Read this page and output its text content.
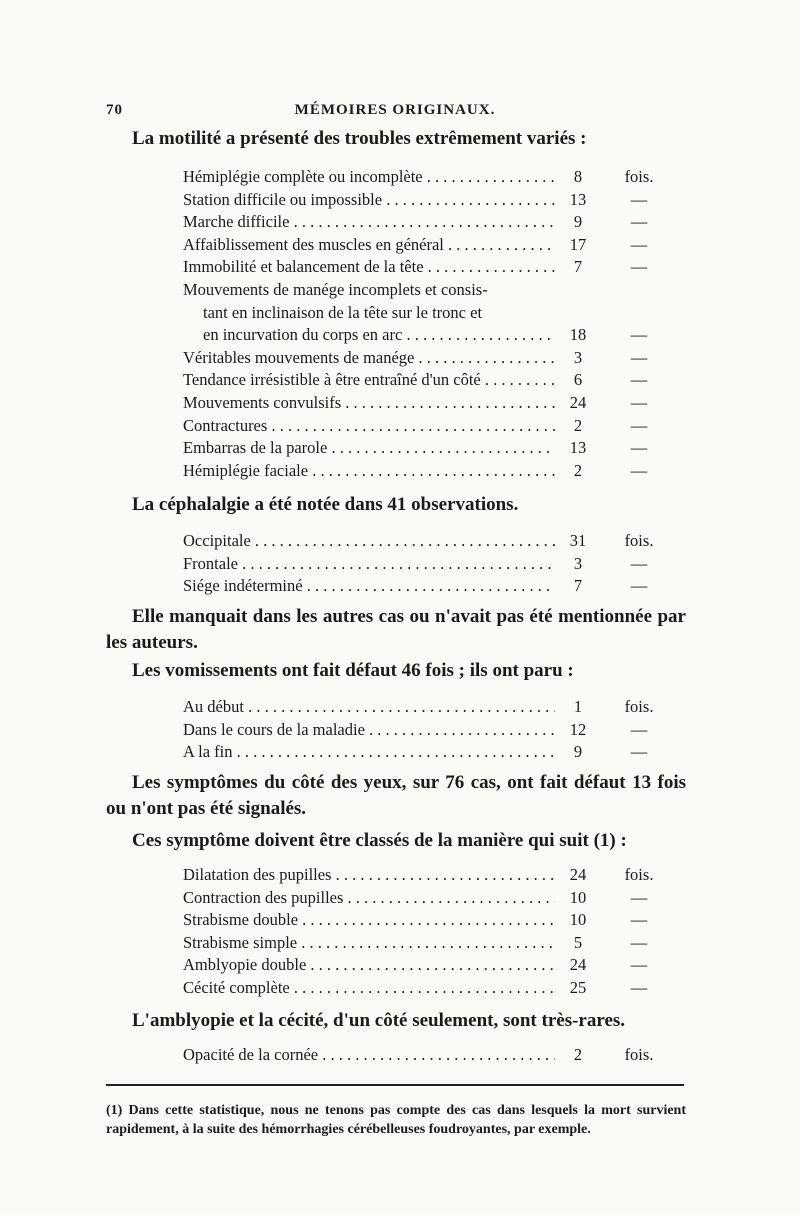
70	MÉMOIRES ORIGINAUX.
La motilité a présenté des troubles extrêmement variés :
Hémiplégie complète ou incomplète . . .	8	fois.
Station difficile ou impossible . . .	13	—
Marche difficile . . .	9	—
Affaiblissement des muscles en général . . .	17	—
Immobilité et balancement de la tête . . .	7	—
Mouvements de manége incomplets et consis-
tant en inclinaison de la tête sur le tronc et
en incurvation du corps en arc . . .	18	—
Véritables mouvements de manége . . .	3	—
Tendance irrésistible à être entraîné d'un côté . . .	6	—
Mouvements convulsifs . . .	24	—
Contractures . . .	2	—
Embarras de la parole . . .	13	—
Hémiplégie faciale . . .	2	—
La céphalalgie a été notée dans 41 observations.
Occipitale . . .	31	fois.
Frontale . . .	3	—
Siége indéterminé . . .	7	—
Elle manquait dans les autres cas ou n'avait pas été mentionnée par les auteurs.
Les vomissements ont fait défaut 46 fois ; ils ont paru :
Au début . . .	1	fois.
Dans le cours de la maladie . . .	12	—
A la fin . . .	9	—
Les symptômes du côté des yeux, sur 76 cas, ont fait défaut 13 fois ou n'ont pas été signalés.
Ces symptôme doivent être classés de la manière qui suit (1) :
Dilatation des pupilles . . .	24	fois.
Contraction des pupilles . . .	10	—
Strabisme double . . .	10	—
Strabisme simple . . .	5	—
Amblyopie double . . .	24	—
Cécité complète . . .	25	—
L'amblyopie et la cécité, d'un côté seulement, sont très-rares.
Opacité de la cornée . . .	2	fois.
(1) Dans cette statistique, nous ne tenons pas compte des cas dans lesquels la mort survient rapidement, à la suite des hémorrhagies cérébelleuses foudroyantes, par exemple.
